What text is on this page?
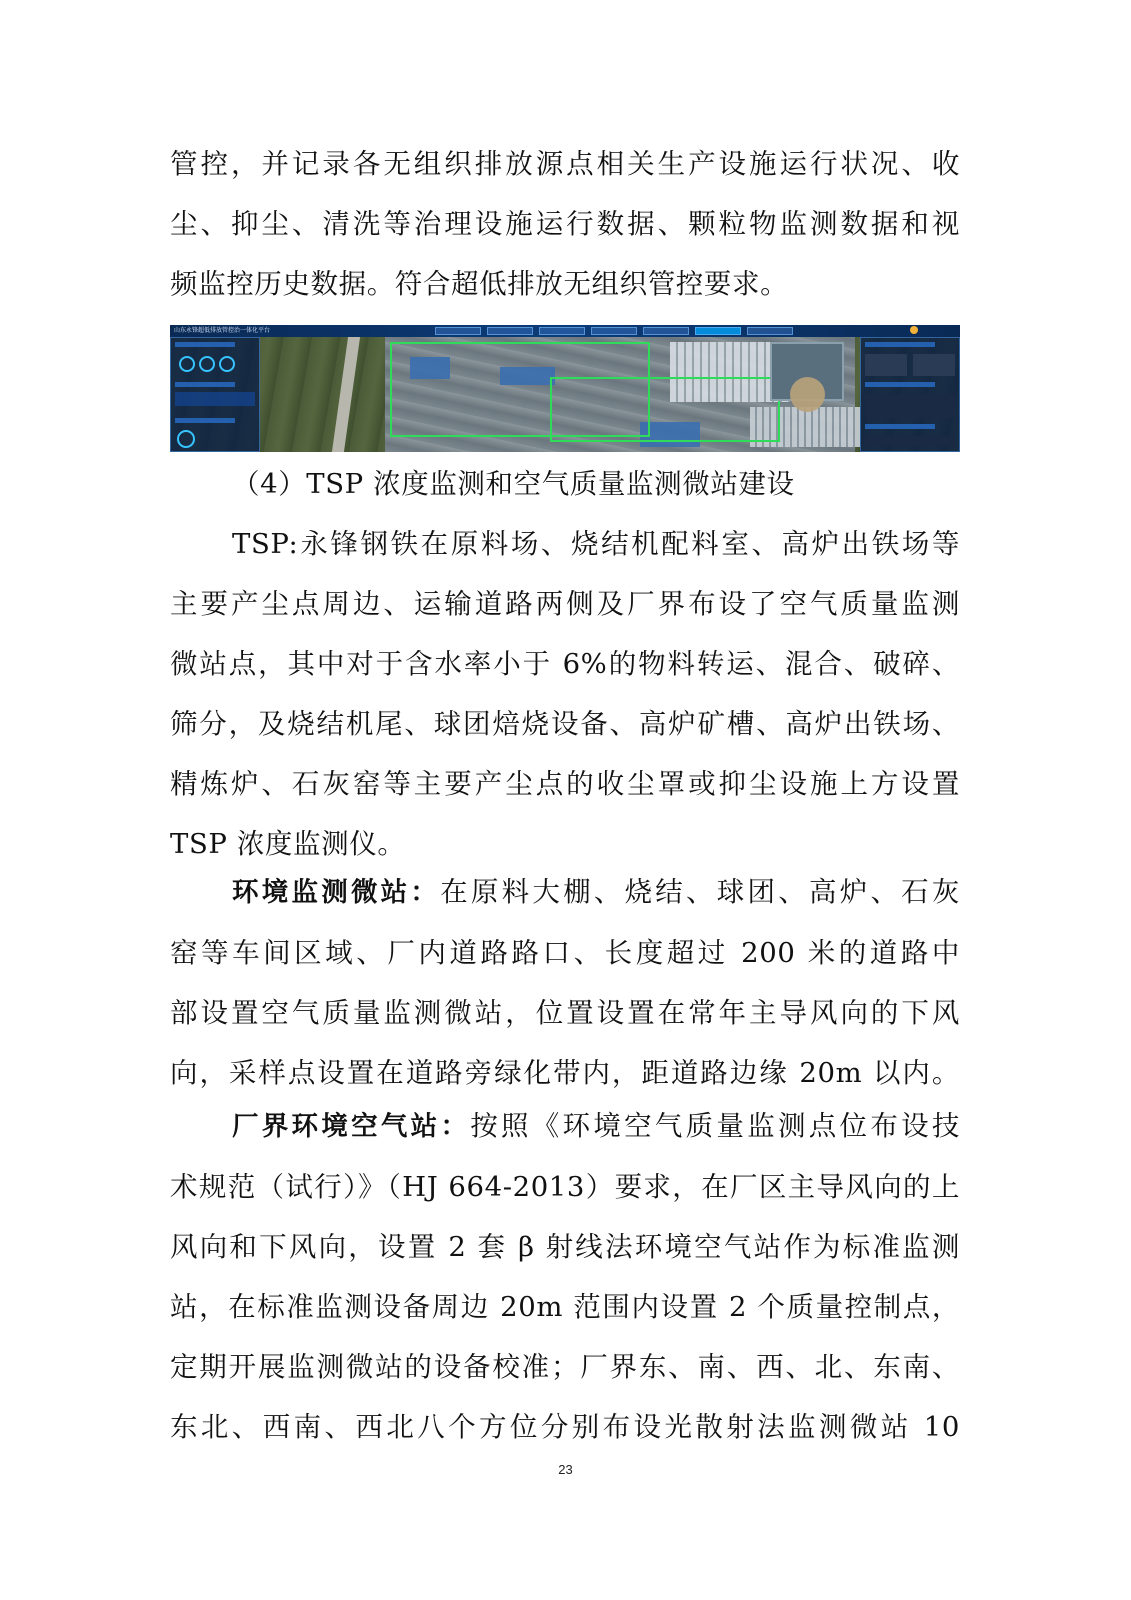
管控，并记录各无组织排放源点相关生产设施运行状况、收

尘、抑尘、清洗等治理设施运行数据、颗粒物监测数据和视

频监控历史数据。符合超低排放无组织管控要求。

山东永锋超低排放管控治一体化平台

（4）TSP 浓度监测和空气质量监测微站建设

TSP:永锋钢铁在原料场、烧结机配料室、高炉出铁场等

主要产尘点周边、运输道路两侧及厂界布设了空气质量监测

微站点，其中对于含水率小于 6%的物料转运、混合、破碎、

筛分，及烧结机尾、球团焙烧设备、高炉矿槽、高炉出铁场、

精炼炉、石灰窑等主要产尘点的收尘罩或抑尘设施上方设置

TSP 浓度监测仪。

环境监测微站：在原料大棚、烧结、球团、高炉、石灰

窑等车间区域、厂内道路路口、长度超过 200 米的道路中

部设置空气质量监测微站，位置设置在常年主导风向的下风

向，采样点设置在道路旁绿化带内，距道路边缘 20m 以内。

厂界环境空气站：按照《环境空气质量监测点位布设技

术规范（试行）》（HJ 664-2013）要求，在厂区主导风向的上

风向和下风向，设置 2 套 β 射线法环境空气站作为标准监测

站，在标准监测设备周边 20m 范围内设置 2 个质量控制点，

定期开展监测微站的设备校准；厂界东、南、西、北、东南、

东北、西南、西北八个方位分别布设光散射法监测微站 10

23
